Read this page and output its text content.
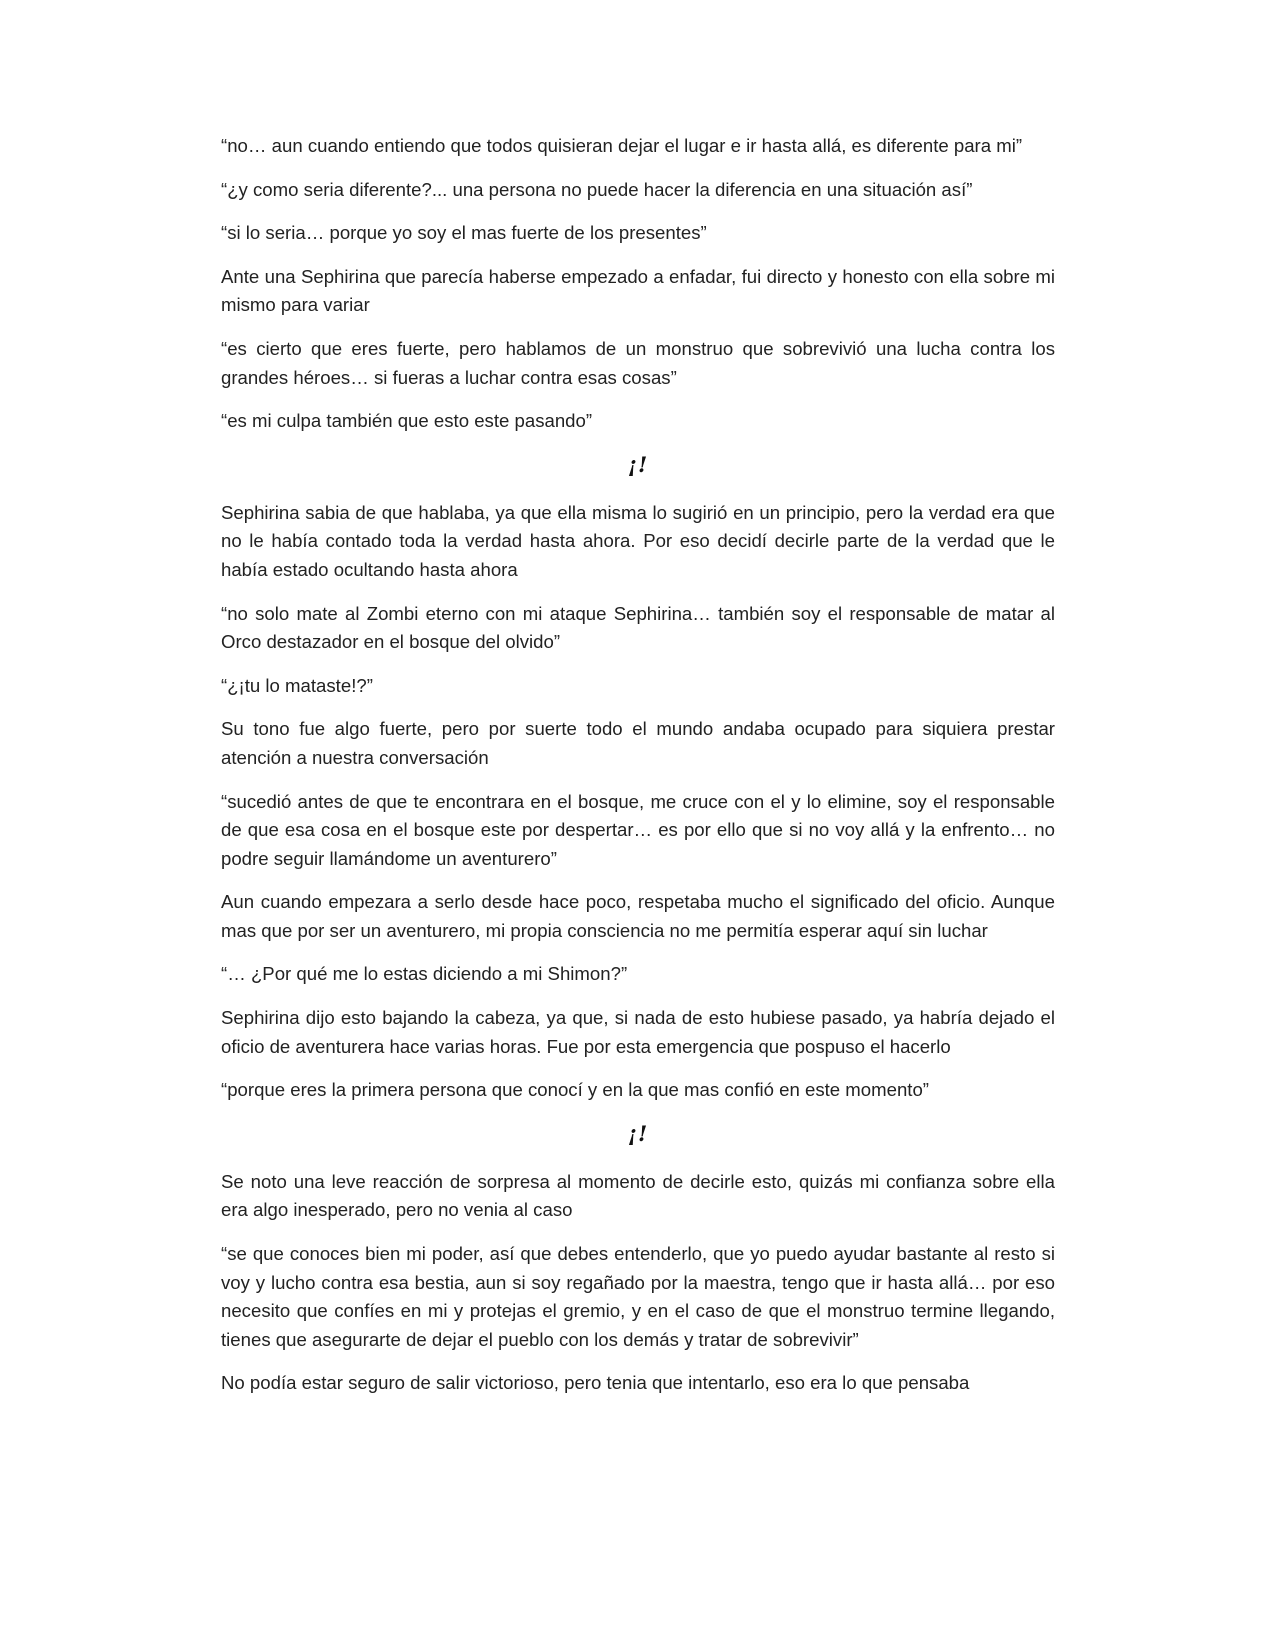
“no… aun cuando entiendo que todos quisieran dejar el lugar e ir hasta allá, es diferente para mi”

“¿y como seria diferente?... una persona no puede hacer la diferencia en una situación así”

“si lo seria… porque yo soy el mas fuerte de los presentes”

Ante una Sephirina que parecía haberse empezado a enfadar, fui directo y honesto con ella sobre mi mismo para variar

“es cierto que eres fuerte, pero hablamos de un monstruo que sobrevivió una lucha contra los grandes héroes… si fueras a luchar contra esas cosas”

“es mi culpa también que esto este pasando”

¡!

Sephirina sabia de que hablaba, ya que ella misma lo sugirió en un principio, pero la verdad era que no le había contado toda la verdad hasta ahora. Por eso decidí decirle parte de la verdad que le había estado ocultando hasta ahora

“no solo mate al Zombi eterno con mi ataque Sephirina… también soy el responsable de matar al Orco destazador en el bosque del olvido”

“¿¡tu lo mataste!?”

Su tono fue algo fuerte, pero por suerte todo el mundo andaba ocupado para siquiera prestar atención a nuestra conversación

“sucedió antes de que te encontrara en el bosque, me cruce con el y lo elimine, soy el responsable de que esa cosa en el bosque este por despertar… es por ello que si no voy allá y la enfrento… no podre seguir llamándome un aventurero”

Aun cuando empezara a serlo desde hace poco, respetaba mucho el significado del oficio. Aunque mas que por ser un aventurero, mi propia consciencia no me permitía esperar aquí sin luchar

“… ¿Por qué me lo estas diciendo a mi Shimon?”

Sephirina dijo esto bajando la cabeza, ya que, si nada de esto hubiese pasado, ya habría dejado el oficio de aventurera hace varias horas. Fue por esta emergencia que pospuso el hacerlo

“porque eres la primera persona que conocí y en la que mas confió en este momento”

¡!

Se noto una leve reacción de sorpresa al momento de decirle esto, quizás mi confianza sobre ella era algo inesperado, pero no venia al caso

“se que conoces bien mi poder, así que debes entenderlo, que yo puedo ayudar bastante al resto si voy y lucho contra esa bestia, aun si soy regañado por la maestra, tengo que ir hasta allá… por eso necesito que confíes en mi y protejas el gremio, y en el caso de que el monstruo termine llegando, tienes que asegurarte de dejar el pueblo con los demás y tratar de sobrevivir”

No podía estar seguro de salir victorioso, pero tenia que intentarlo, eso era lo que pensaba
